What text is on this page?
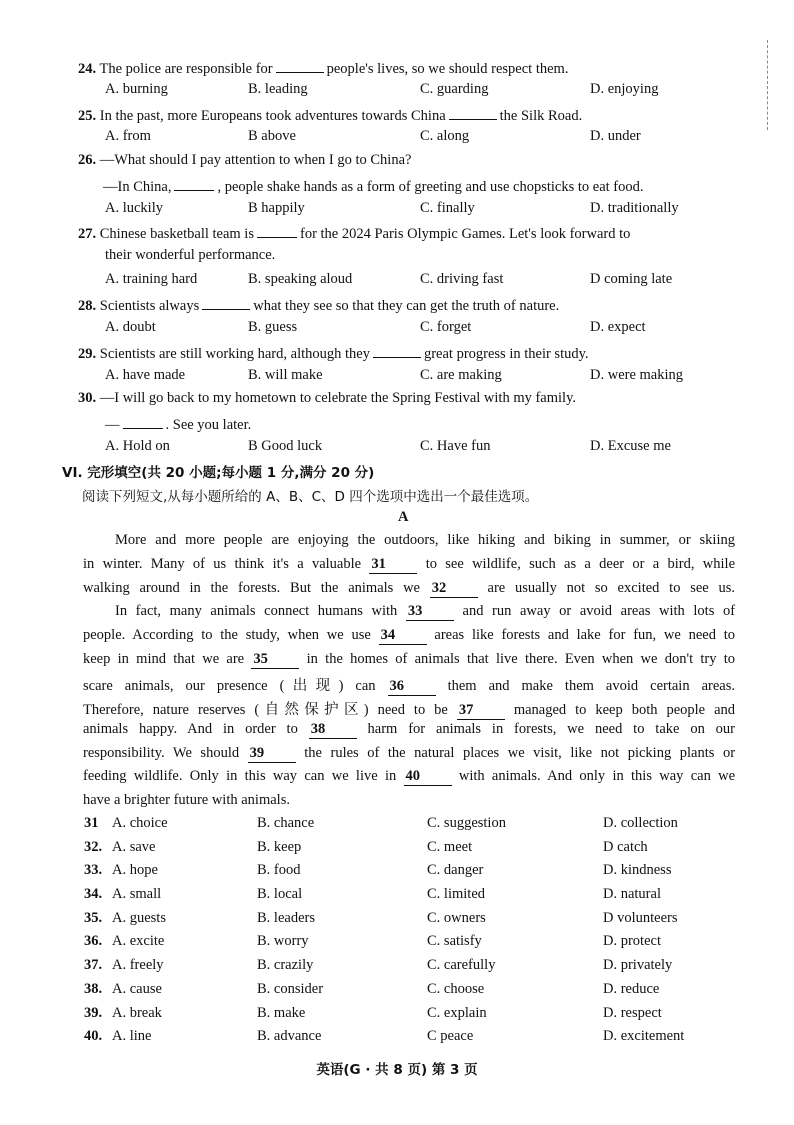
24. The police are responsible for	people's lives, so we should respect them.
A. burning	B. leading	C. guarding	D. enjoying
25. In the past, more Europeans took adventures towards China	the Silk Road.
A. from	B above	C. along	D. under
26. —What should I pay attention to when I go to China?
—In China,	, people shake hands as a form of greeting and use chopsticks to eat food.
A. luckily	B happily	C. finally	D. traditionally
27. Chinese basketball team is	for the 2024 Paris Olympic Games. Let's look forward to
their wonderful performance.
A. training hard	B. speaking aloud	C. driving fast	D coming late
28. Scientists always	what they see so that they can get the truth of nature.
A. doubt	B. guess	C. forget	D. expect
29. Scientists are still working hard, although they	great progress in their study.
A. have made	B. will make	C. are making	D. were making
30. —I will go back to my hometown to celebrate the Spring Festival with my family.
—	. See you later.
A. Hold on	B Good luck	C. Have fun	D. Excuse me
VI. 完形填空(共 20 小题;每小题 1 分,满分 20 分)
阅读下列短文,从每小题所给的 A、B、C、D 四个选项中选出一个最佳选项。
A
More and more people are enjoying the outdoors, like hiking and biking in summer, or skiing
in winter. Many of us think it's a valuable 31	to see wildlife, such as a deer or a bird, while
walking around in the forests. But the animals we 32	are usually not so excited to see us.
In fact, many animals connect humans with 33	and run away or avoid areas with lots of
people. According to the study, when we use 34	areas like forests and lake for fun, we need to
keep in mind that we are 35	in the homes of animals that live there. Even when we don't try to
scare animals, our presence (出现) can 36	them and make them avoid certain areas.
Therefore, nature reserves (自然保护区) need to be 37	managed to keep both people and
animals happy. And in order to 38	harm for animals in forests, we need to take on our
responsibility. We should 39	the rules of the natural places we visit, like not picking plants or
feeding wildlife. Only in this way can we live in 40	with animals. And only in this way can we
have a brighter future with animals.
31 A. choice	B. chance	C. suggestion	D. collection
32. A. save	B. keep	C. meet	D catch
33. A. hope	B. food	C. danger	D. kindness
34. A. small	B. local	C. limited	D. natural
35. A. guests	B. leaders	C. owners	D volunteers
36. A. excite	B. worry	C. satisfy	D. protect
37. A. freely	B. crazily	C. carefully	D. privately
38. A. cause	B. consider	C. choose	D. reduce
39. A. break	B. make	C. explain	D. respect
40. A. line	B. advance	C peace	D. excitement
英语(G · 共 8 页) 第 3 页
